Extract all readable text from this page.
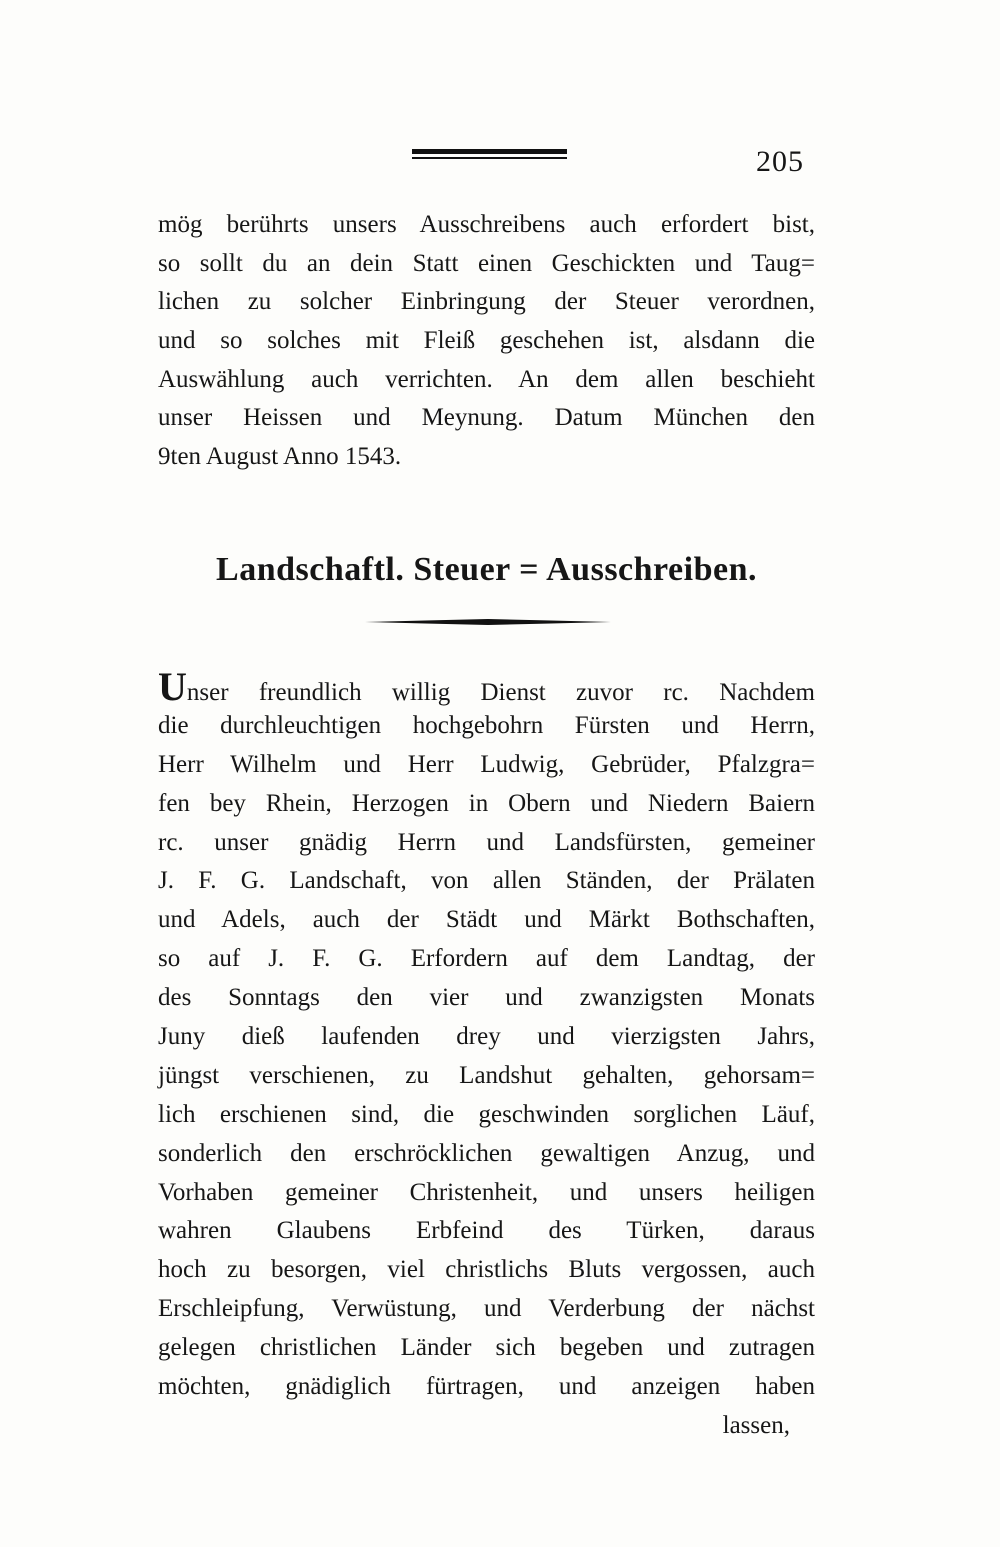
205
mög berührts unsers Ausschreibens auch erfordert bist,
so sollt du an dein Statt einen Geschickten und Taug=
lichen zu solcher Einbringung der Steuer verordnen,
und so solches mit Fleiß geschehen ist, alsdann die
Auswählung auch verrichten. An dem allen beschieht
unser Heissen und Meynung. Datum München den
9ten August Anno 1543.
Landschaftl. Steuer = Ausschreiben.
Unser freundlich willig Dienst zuvor rc. Nachdem
die durchleuchtigen hochgebohrn Fürsten und Herrn,
Herr Wilhelm und Herr Ludwig, Gebrüder, Pfalzgra=
fen bey Rhein, Herzogen in Obern und Niedern Baiern
rc. unser gnädig Herrn und Landsfürsten, gemeiner
J. F. G. Landschaft, von allen Ständen, der Prälaten
und Adels, auch der Städt und Märkt Bothschaften,
so auf J. F. G. Erfordern auf dem Landtag, der
des Sonntags den vier und zwanzigsten Monats
Juny dieß laufenden drey und vierzigsten Jahrs,
jüngst verschienen, zu Landshut gehalten, gehorsam=
lich erschienen sind, die geschwinden sorglichen Läuf,
sonderlich den erschröcklichen gewaltigen Anzug, und
Vorhaben gemeiner Christenheit, und unsers heiligen
wahren Glaubens Erbfeind des Türken, daraus
hoch zu besorgen, viel christlichs Bluts vergossen, auch
Erschleipfung, Verwüstung, und Verderbung der nächst
gelegen christlichen Länder sich begeben und zutragen
möchten, gnädiglich fürtragen, und anzeigen haben
lassen,
